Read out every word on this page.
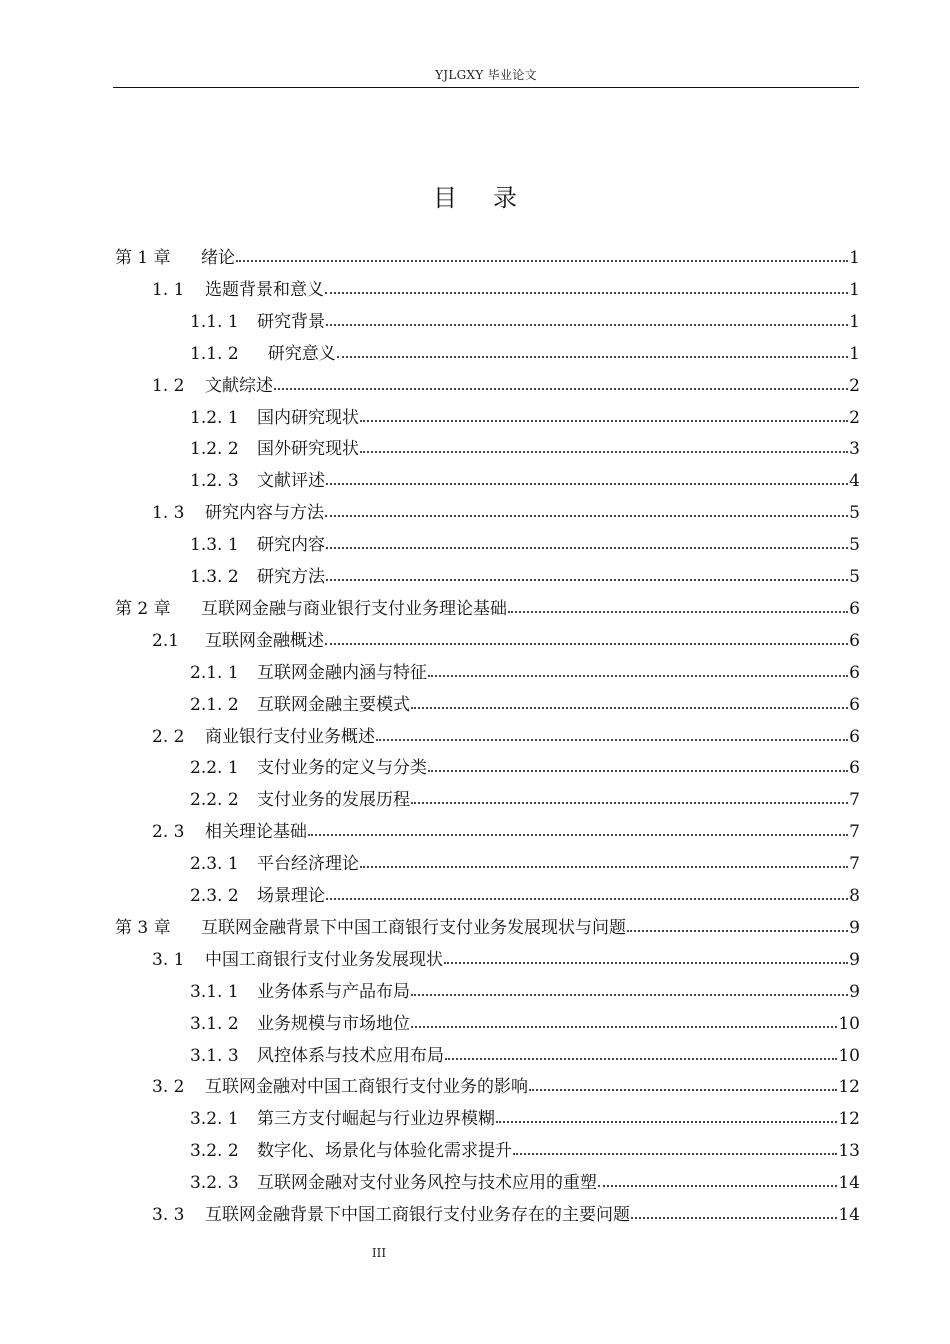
YJLGXY 毕业论文
目录
第 1 章	绪论	1
1. 1	选题背景和意义	1
1.1. 1	研究背景	1
1.1. 2	研究意义	1
1. 2	文献综述	2
1.2. 1	国内研究现状	2
1.2. 2	国外研究现状	3
1.2. 3	文献评述	4
1. 3	研究内容与方法	5
1.3. 1	研究内容	5
1.3. 2	研究方法	5
第 2 章	互联网金融与商业银行支付业务理论基础	6
2.1	互联网金融概述	6
2.1. 1	互联网金融内涵与特征	6
2.1. 2	互联网金融主要模式	6
2. 2	商业银行支付业务概述	6
2.2. 1	支付业务的定义与分类	6
2.2. 2	支付业务的发展历程	7
2. 3	相关理论基础	7
2.3. 1	平台经济理论	7
2.3. 2	场景理论	8
第 3 章	互联网金融背景下中国工商银行支付业务发展现状与问题	9
3. 1	中国工商银行支付业务发展现状	9
3.1. 1	业务体系与产品布局	9
3.1. 2	业务规模与市场地位	10
3.1. 3	风控体系与技术应用布局	10
3. 2	互联网金融对中国工商银行支付业务的影响	12
3.2. 1	第三方支付崛起与行业边界模糊	12
3.2. 2	数字化、场景化与体验化需求提升	13
3.2. 3	互联网金融对支付业务风控与技术应用的重塑	14
3. 3	互联网金融背景下中国工商银行支付业务存在的主要问题	14
III
